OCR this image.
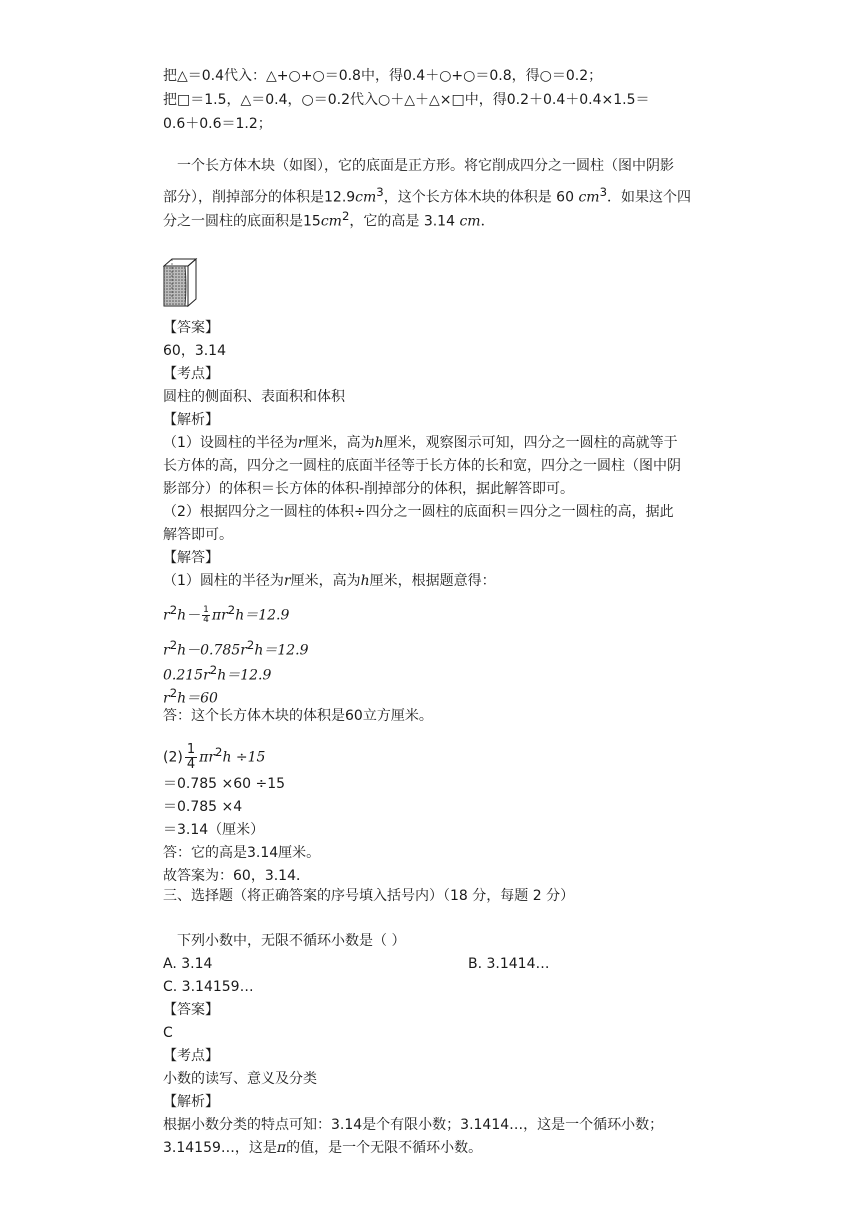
把△＝0.4代入：△+○+○＝0.8中，得0.4＋○+○＝0.8，得○＝0.2；
把□＝1.5，△＝0.4，○＝0.2代入○＋△＋△×□中，得0.2＋0.4＋0.4×1.5＝
0.6＋0.6＝1.2；
一个长方体木块（如图），它的底面是正方形。将它削成四分之一圆柱（图中阴影
部分），削掉部分的体积是$12.9cm^3$，这个长方体木块的体积是 60 $cm^3$．如果这个四
分之一圆柱的底面积是$15cm^2$，它的高是 3.14 cm．
【答案】
60，3.14
【考点】
圆柱的侧面积、表面积和体积
【解析】
（1）设圆柱的半径为r厘米，高为h厘米，观察图示可知，四分之一圆柱的高就等于
长方体的高，四分之一圆柱的底面半径等于长方体的长和宽，四分之一圆柱（图中阴
影部分）的体积＝长方体的体积-削掉部分的体积，据此解答即可。
（2）根据四分之一圆柱的体积÷四分之一圆柱的底面积＝四分之一圆柱的高，据此
解答即可。
【解答】
（1）圆柱的半径为r厘米，高为h厘米，根据题意得：
$r^2h- \frac{1}{4} \pi r^2h=12.9$
$r^2h-0.785r^2h=12.9$
$0.215r^2h=12.9$
$r^2h=60$
答：这个长方体木块的体积是60立方厘米。
$(2) \frac{1}{4} \pi r^2h \div 15$
＝0.785 ×60 ÷15
＝0.785 ×4
＝3.14（厘米）
答：它的高是3.14厘米。
故答案为：60，3.14．
三、选择题（将正确答案的序号填入括号内）（18 分，每题 2 分）
下列小数中，无限不循环小数是（ ）
A. 3.14	B. 3.1414…
C. 3.14159…
【答案】
C
【考点】
小数的读写、意义及分类
【解析】
根据小数分类的特点可知：3.14是个有限小数；3.1414…，这是一个循环小数；
3.14159…，这是π的值，是一个无限不循环小数。
